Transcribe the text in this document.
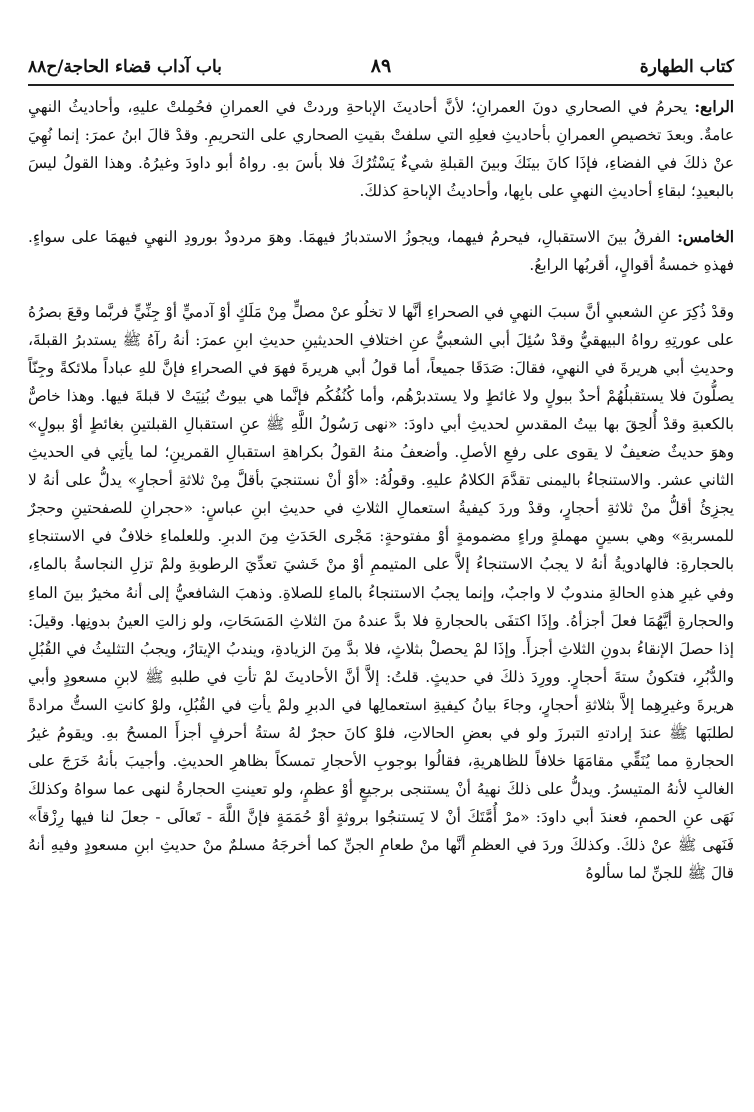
كتاب الطهارة
٨٩
باب آداب قضاء الحاجة/ح٨٨

الرابع: يحرمُ في الصحاري دونَ العمرانِ؛ لأنَّ أحاديثَ الإباحةِ وردتْ في العمرانِ فحُمِلتْ عليهِ، وأحاديثُ النهيِ عامةٌ. وبعدَ تخصيصِ العمرانِ بأحاديثِ فعلِهِ التي سلفتْ بقيتِ الصحاري على التحريمِ. وقدْ قالَ ابنُ عمرَ: إنما نُهِيَ عنْ ذلكَ في الفضاءِ، فإذَا كانَ بينَكَ وبينَ القبلةِ شيءٌ يَسْتُرُكَ فلا بأسَ بهِ. رواهُ أبو داودَ وغيرُهُ. وهذا القولُ ليسَ بالبعيدِ؛ لبقاءِ أحاديثِ النهيِ على بابِها، وأحاديثُ الإباحةِ كذلكَ.

الخامس: الفرقُ بينَ الاستقبالِ، فيحرمُ فيهما، ويجوزُ الاستدبارُ فيهمَا. وهوَ مردودٌ بورودِ النهيِ فيهمَا على سواءٍ. فهذهِ خمسةُ أقوالٍ، أقربُها الرابعُ.

وقدْ ذُكِرَ عنِ الشعبيِ أنَّ سببَ النهيِ في الصحراءِ أنَّها لا تخلُو عنْ مصلٍّ مِنْ مَلَكٍ أوْ آدميٍّ أوْ جِنِّيٍّ فربَّما وقعَ بصرُهُ على عورتِهِ رواهُ البيهقيُّ وقدْ سُئِلَ أبي الشعبيُّ عنِ اختلافِ الحديثينِ حديثِ ابنِ عمرَ: أنهُ رآهُ ﷺ يستدبرُ القبلةَ، وحديثِ أبي هريرةَ في النهيِ، فقالَ: صَدَقَا جميعاً، أما قولُ أبي هريرةَ فهوَ في الصحراءِ فإنَّ للهِ عباداً ملائكةً وجِنّاً يصلُّونَ فلا يستقبلُهُمْ أحدٌ ببولٍ ولا غائطٍ ولا يستدبرْهُم، وأما كُنُفُكُم فإنَّما هي بيوتٌ بُنِيَتْ لا قبلةَ فيها. وهذا خاصٌّ بالكعبةِ وقدْ أُلحِقَ بها بيتُ المقدسِ لحديثِ أبي داودَ: «نهى رَسُولُ اللَّهِ ﷺ عنِ استقبالِ القبلتينِ بغائطٍ أوْ ببولٍ» وهوَ حديثٌ ضعيفٌ لا يقوى على رفعِ الأصلِ. وأضعفُ منهُ القولُ بكراهةِ استقبالِ القمرينِ؛ لما يأتِي في الحديثِ الثاني عشر. والاستنجاءُ باليمنى تقدَّمَ الكلامُ عليهِ. وقولُهُ: «أوْ أنْ نستنجيَ بأقلَّ مِنْ ثلاثةِ أحجارٍ» يدلُّ على أنهُ لا يجزِئُ أقلُّ منْ ثلاثةِ أحجارٍ، وقدْ وردَ كيفيةُ استعمالِ الثلاثِ في حديثِ ابنِ عباسٍ: «حجرانِ للصفحتينِ وحجرٌ للمسربةِ» وهي بسينٍ مهملةٍ وراءٍ مضمومةٍ أوْ مفتوحةٍ: مَجْرى الحَدَثِ مِنَ الدبرِ. وللعلماءِ خلافٌ في الاستنجاءِ بالحجارةِ: فالهادويةُ أنهُ لا يجبُ الاستنجاءُ إلاَّ على المتيممِ أوْ منْ خَشيَ تعدِّيَ الرطوبةِ ولمْ تزلِ النجاسةُ بالماءِ، وفي غيرِ هذهِ الحالةِ مندوبٌ لا واجبٌ، وإنما يجبُ الاستنجاءُ بالماءِ للصلاةِ. وذهبَ الشافعيُّ إلى أنهُ مخيرٌ بينَ الماءِ والحجارةِ أيَّهُمَا فعلَ أجزأهُ. وإذَا اكتفَى بالحجارةِ فلا بدَّ عندهُ منَ الثلاثِ المَسَحَاتِ، ولو زالتِ العينُ بدونِها. وقيلَ: إذا حصلَ الإنقاءُ بدونِ الثلاثِ أجزأَ. وإذَا لمْ يحصلْ بثلاثٍ، فلا بدَّ مِنَ الزيادةِ، ويندبُ الإيتارُ، ويجبُ التثليثُ في القُبُلِ والدُّبُرِ، فتكونُ ستةَ أحجارٍ. وورِدَ ذلكَ في حديثٍ. قلتُ: إلاَّ أنَّ الأحاديثَ لمْ تأتِ في طلبهِ ﷺ لابنِ مسعودٍ وأبي هريرةَ وغيرِهِما إلاَّ بثلاثةِ أحجارٍ، وجاءَ بيانُ كيفيةِ استعمالِها في الدبرِ ولمْ يأتِ في القُبُلِ، ولوْ كانتِ الستُّ مرادةً لطلبَها ﷺ عندَ إرادتهِ التبرزَ ولو في بعضِ الحالاتِ، فلوْ كانَ حجرٌ لهُ ستةُ أحرفٍ أجزأَ المسحُ بهِ. ويقومُ غيرُ الحجارةِ مما يُنَقِّي مقامَهَا خلافاً للظاهريةِ، فقالُوا بوجوبِ الأحجارِ تمسكاً بظاهرِ الحديثِ. وأجيبَ بأنهُ خَرَجَ على الغالبِ لأنهُ المتيسرُ. ويدلُّ على ذلكَ نهيهُ أنْ يستنجى برجيعٍ أوْ عظمٍ، ولو تعينتِ الحجارةُ لنهى عما سواهُ وكذلكَ نَهَى عنِ الحممِ، فعندَ أبي داودَ: «مرْ أُمَّتَكَ أنْ لا يَستنجُوا بروثةٍ أوْ حُمَمَةٍ فإنَّ اللَّهَ - تَعالَى - جعلَ لنا فيها رِزْقاً» فَنَهى ﷺ عنْ ذلكَ. وكذلكَ وردَ في العظمِ أنَّها منْ طعامِ الجنِّ كما أخرجَهُ مسلمٌ منْ حديثِ ابنِ مسعودٍ وفيهِ أنهُ قالَ ﷺ للجنِّ لما سألوهُ
